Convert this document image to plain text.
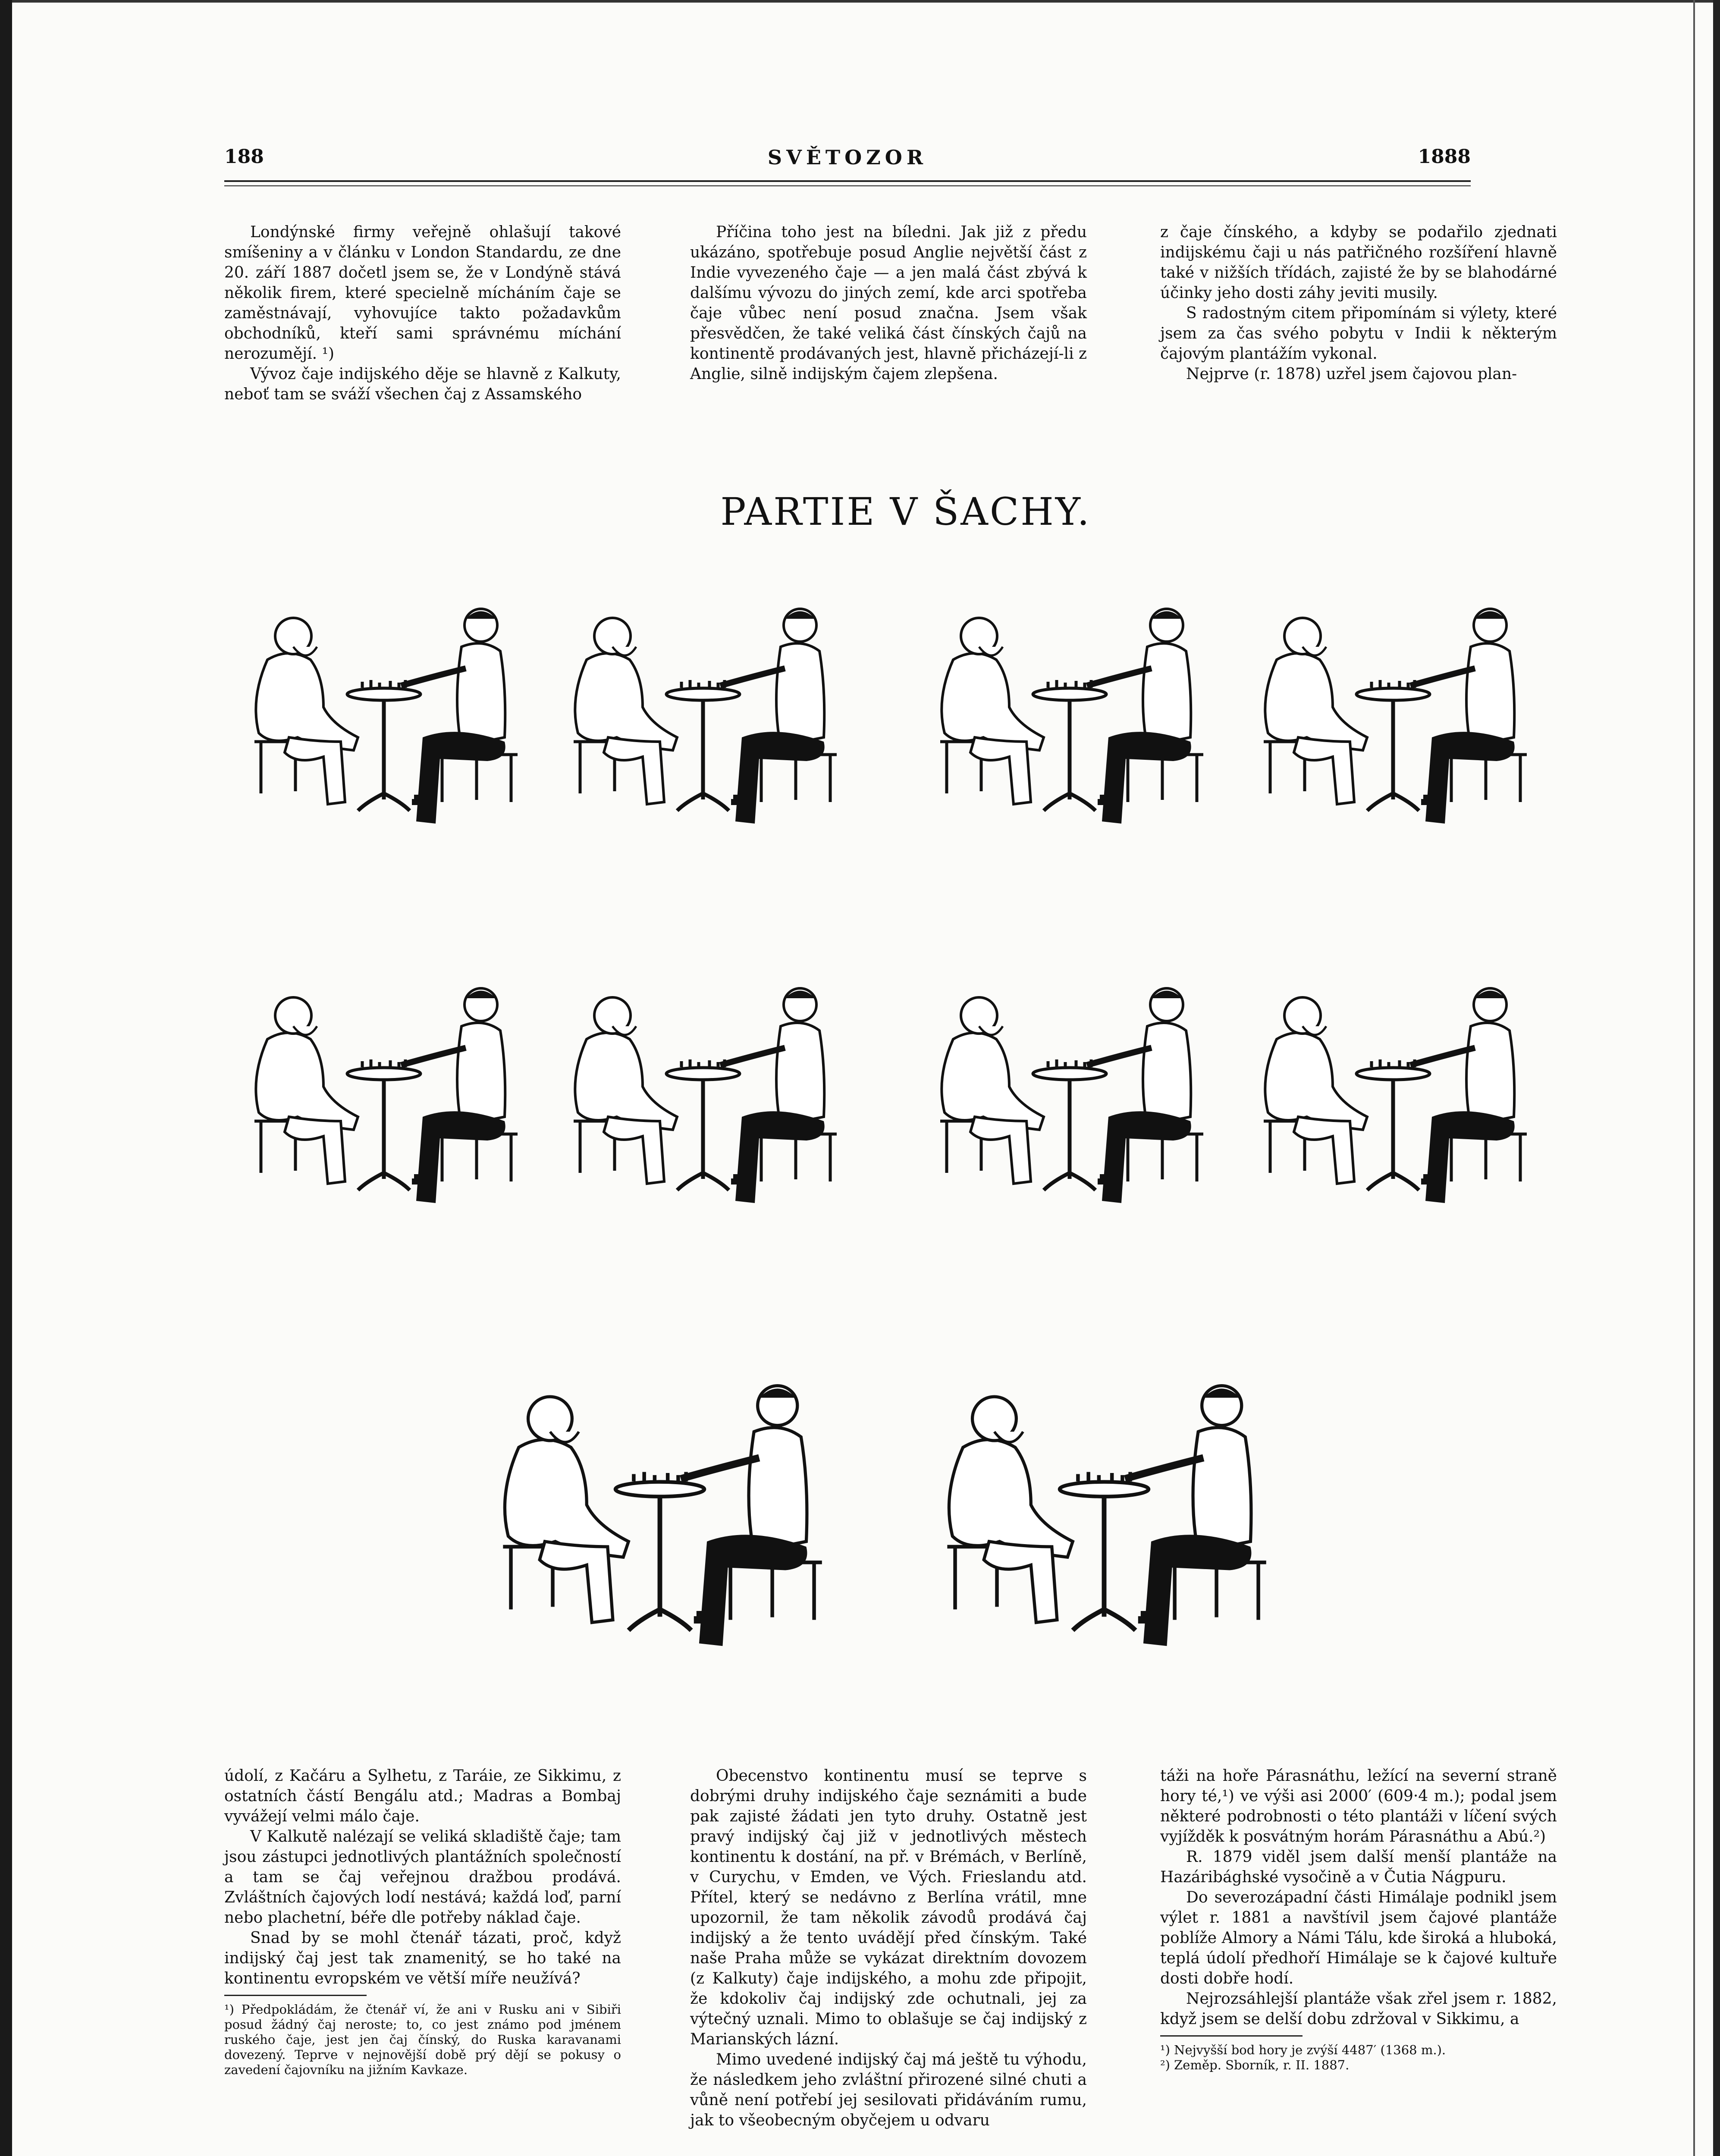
188	SVĚTOZOR	1888

Londýnské firmy veřejně ohlašují takové smíšeniny a v článku v London Standardu, ze dne 20. září 1887 dočetl jsem se, že v Londýně stává několik firem, které specielně mícháním čaje se zaměstnávají, vyhovujíce takto požadavkům obchodníků, kteří sami správnému míchání nerozumějí. ¹)

Vývoz čaje indijského děje se hlavně z Kalkuty, neboť tam se sváží všechen čaj z Assamského

Příčina toho jest na bíledni. Jak již z předu ukázáno, spotřebuje posud Anglie největší část z Indie vyvezeného čaje — a jen malá část zbývá k dalšímu vývozu do jiných zemí, kde arci spotřeba čaje vůbec není posud značna. Jsem však přesvědčen, že také veliká část čínských čajů na kontinentě prodávaných jest, hlavně přicházejí-li z Anglie, silně indijským čajem zlepšena.

z čaje čínského, a kdyby se podařilo zjednati indijskému čaji u nás patřičného rozšíření hlavně také v nižších třídách, zajisté že by se blahodárné účinky jeho dosti záhy jeviti musily.

S radostným citem připomínám si výlety, které jsem za čas svého pobytu v Indii k některým čajovým plantážím vykonal.

Nejprve (r. 1878) uzřel jsem čajovou plan-

PARTIE V ŠACHY.

údolí, z Kačáru a Sylhetu, z Taráie, ze Sikkimu, z ostatních částí Bengálu atd.; Madras a Bombaj vyvážejí velmi málo čaje.

V Kalkutě nalézají se veliká skladiště čaje; tam jsou zástupci jednotlivých plantážních společností a tam se čaj veřejnou dražbou prodává. Zvláštních čajových lodí nestává; každá loď, parní nebo plachetní, béře dle potřeby náklad čaje.

Snad by se mohl čtenář tázati, proč, když indijský čaj jest tak znamenitý, se ho také na kontinentu evropském ve větší míře neužívá?

¹) Předpokládám, že čtenář ví, že ani v Rusku ani v Sibiři posud žádný čaj neroste; to, co jest známo pod jménem ruského čaje, jest jen čaj čínský, do Ruska karavanami dovezený. Teprve v nejnovější době prý dějí se pokusy o zavedení čajovníku na jižním Kavkaze.

Obecenstvo kontinentu musí se teprve s dobrými druhy indijského čaje seznámiti a bude pak zajisté žádati jen tyto druhy. Ostatně jest pravý indijský čaj již v jednotlivých městech kontinentu k dostání, na př. v Brémách, v Berlíně, v Curychu, v Emden, ve Vých. Frieslandu atd. Přítel, který se nedávno z Berlína vrátil, mne upozornil, že tam několik závodů prodává čaj indijský a že tento uvádějí před čínským. Také naše Praha může se vykázat direktním dovozem (z Kalkuty) čaje indijského, a mohu zde připojit, že kdokoliv čaj indijský zde ochutnali, jej za výtečný uznali. Mimo to oblašuje se čaj indijský z Marianských lázní.

Mimo uvedené indijský čaj má ještě tu výhodu, že následkem jeho zvláštní přirozené silné chuti a vůně není potřebí jej sesilovati přidáváním rumu, jak to všeobecným obyčejem u odvaru

táži na hoře Párasnáthu, ležící na severní straně hory té,¹) ve výši asi 2000′ (609·4 m.); podal jsem některé podrobnosti o této plantáži v líčení svých vyjížděk k posvátným horám Párasnáthu a Abú.²)

R. 1879 viděl jsem další menší plantáže na Hazáribághské vysočině a v Čutia Nágpuru.

Do severozápadní části Himálaje podnikl jsem výlet r. 1881 a navštívil jsem čajové plantáže poblíže Almory a Námi Tálu, kde široká a hluboká, teplá údolí předhoří Himálaje se k čajové kultuře dosti dobře hodí.

Nejrozsáhlejší plantáže však zřel jsem r. 1882, když jsem se delší dobu zdržoval v Sikkimu, a

¹) Nejvyšší bod hory je zvýší 4487′ (1368 m.).
²) Zeměp. Sborník, r. II. 1887.
